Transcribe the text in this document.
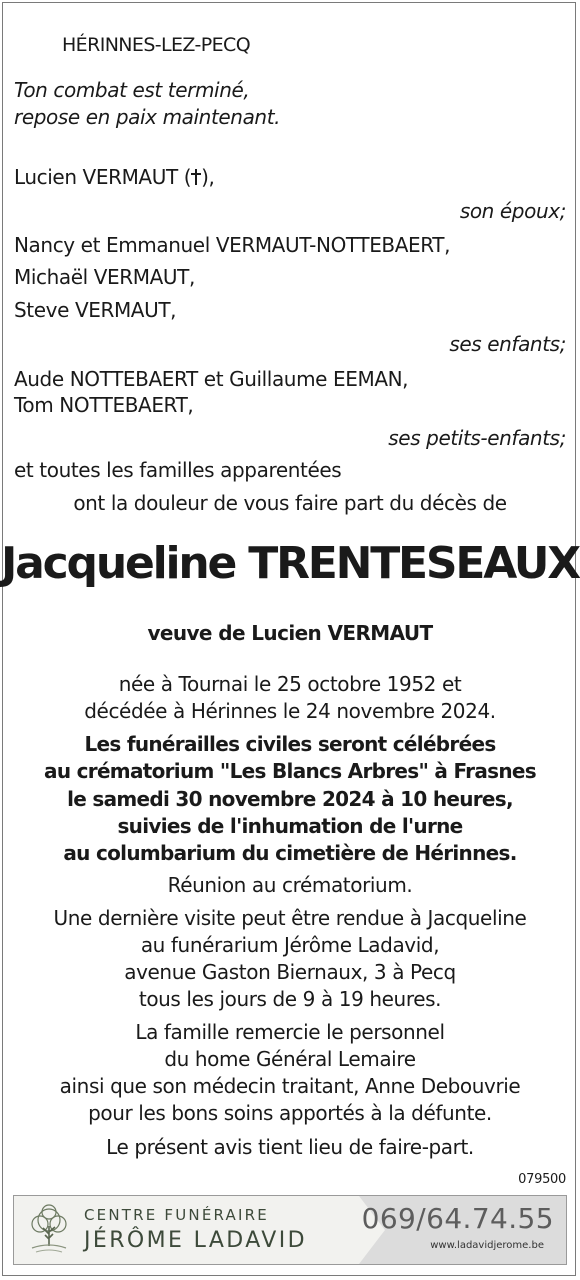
HÉRINNES-LEZ-PECQ
Ton combat est terminé,
repose en paix maintenant.
Lucien VERMAUT ( ),
son époux;
Nancy et Emmanuel VERMAUT-NOTTEBAERT,
Michaël VERMAUT,
Steve VERMAUT,
ses enfants;
Aude NOTTEBAERT et Guillaume EEMAN,
Tom NOTTEBAERT,
ses petits-enfants;
et toutes les familles apparentées
ont la douleur de vous faire part du décès de
Jacqueline TRENTESEAUX
veuve de Lucien VERMAUT
née à Tournai le 25 octobre 1952 et
décédée à Hérinnes le 24 novembre 2024.
Les funérailles civiles seront célébrées
au crématorium "Les Blancs Arbres" à Frasnes
le samedi 30 novembre 2024 à 10 heures,
suivies de l'inhumation de l'urne
au columbarium du cimetière de Hérinnes.
Réunion au crématorium.
Une dernière visite peut être rendue à Jacqueline
au funérarium Jérôme Ladavid,
avenue Gaston Biernaux, 3 à Pecq
tous les jours de 9 à 19 heures.
La famille remercie le personnel
du home Général Lemaire
ainsi que son médecin traitant, Anne Debouvrie
pour les bons soins apportés à la défunte.
Le présent avis tient lieu de faire-part.
079500
CENTRE FUNÉRAIRE
JÉRÔME LADAVID
069/64.74.55
www.ladavidjerome.be
